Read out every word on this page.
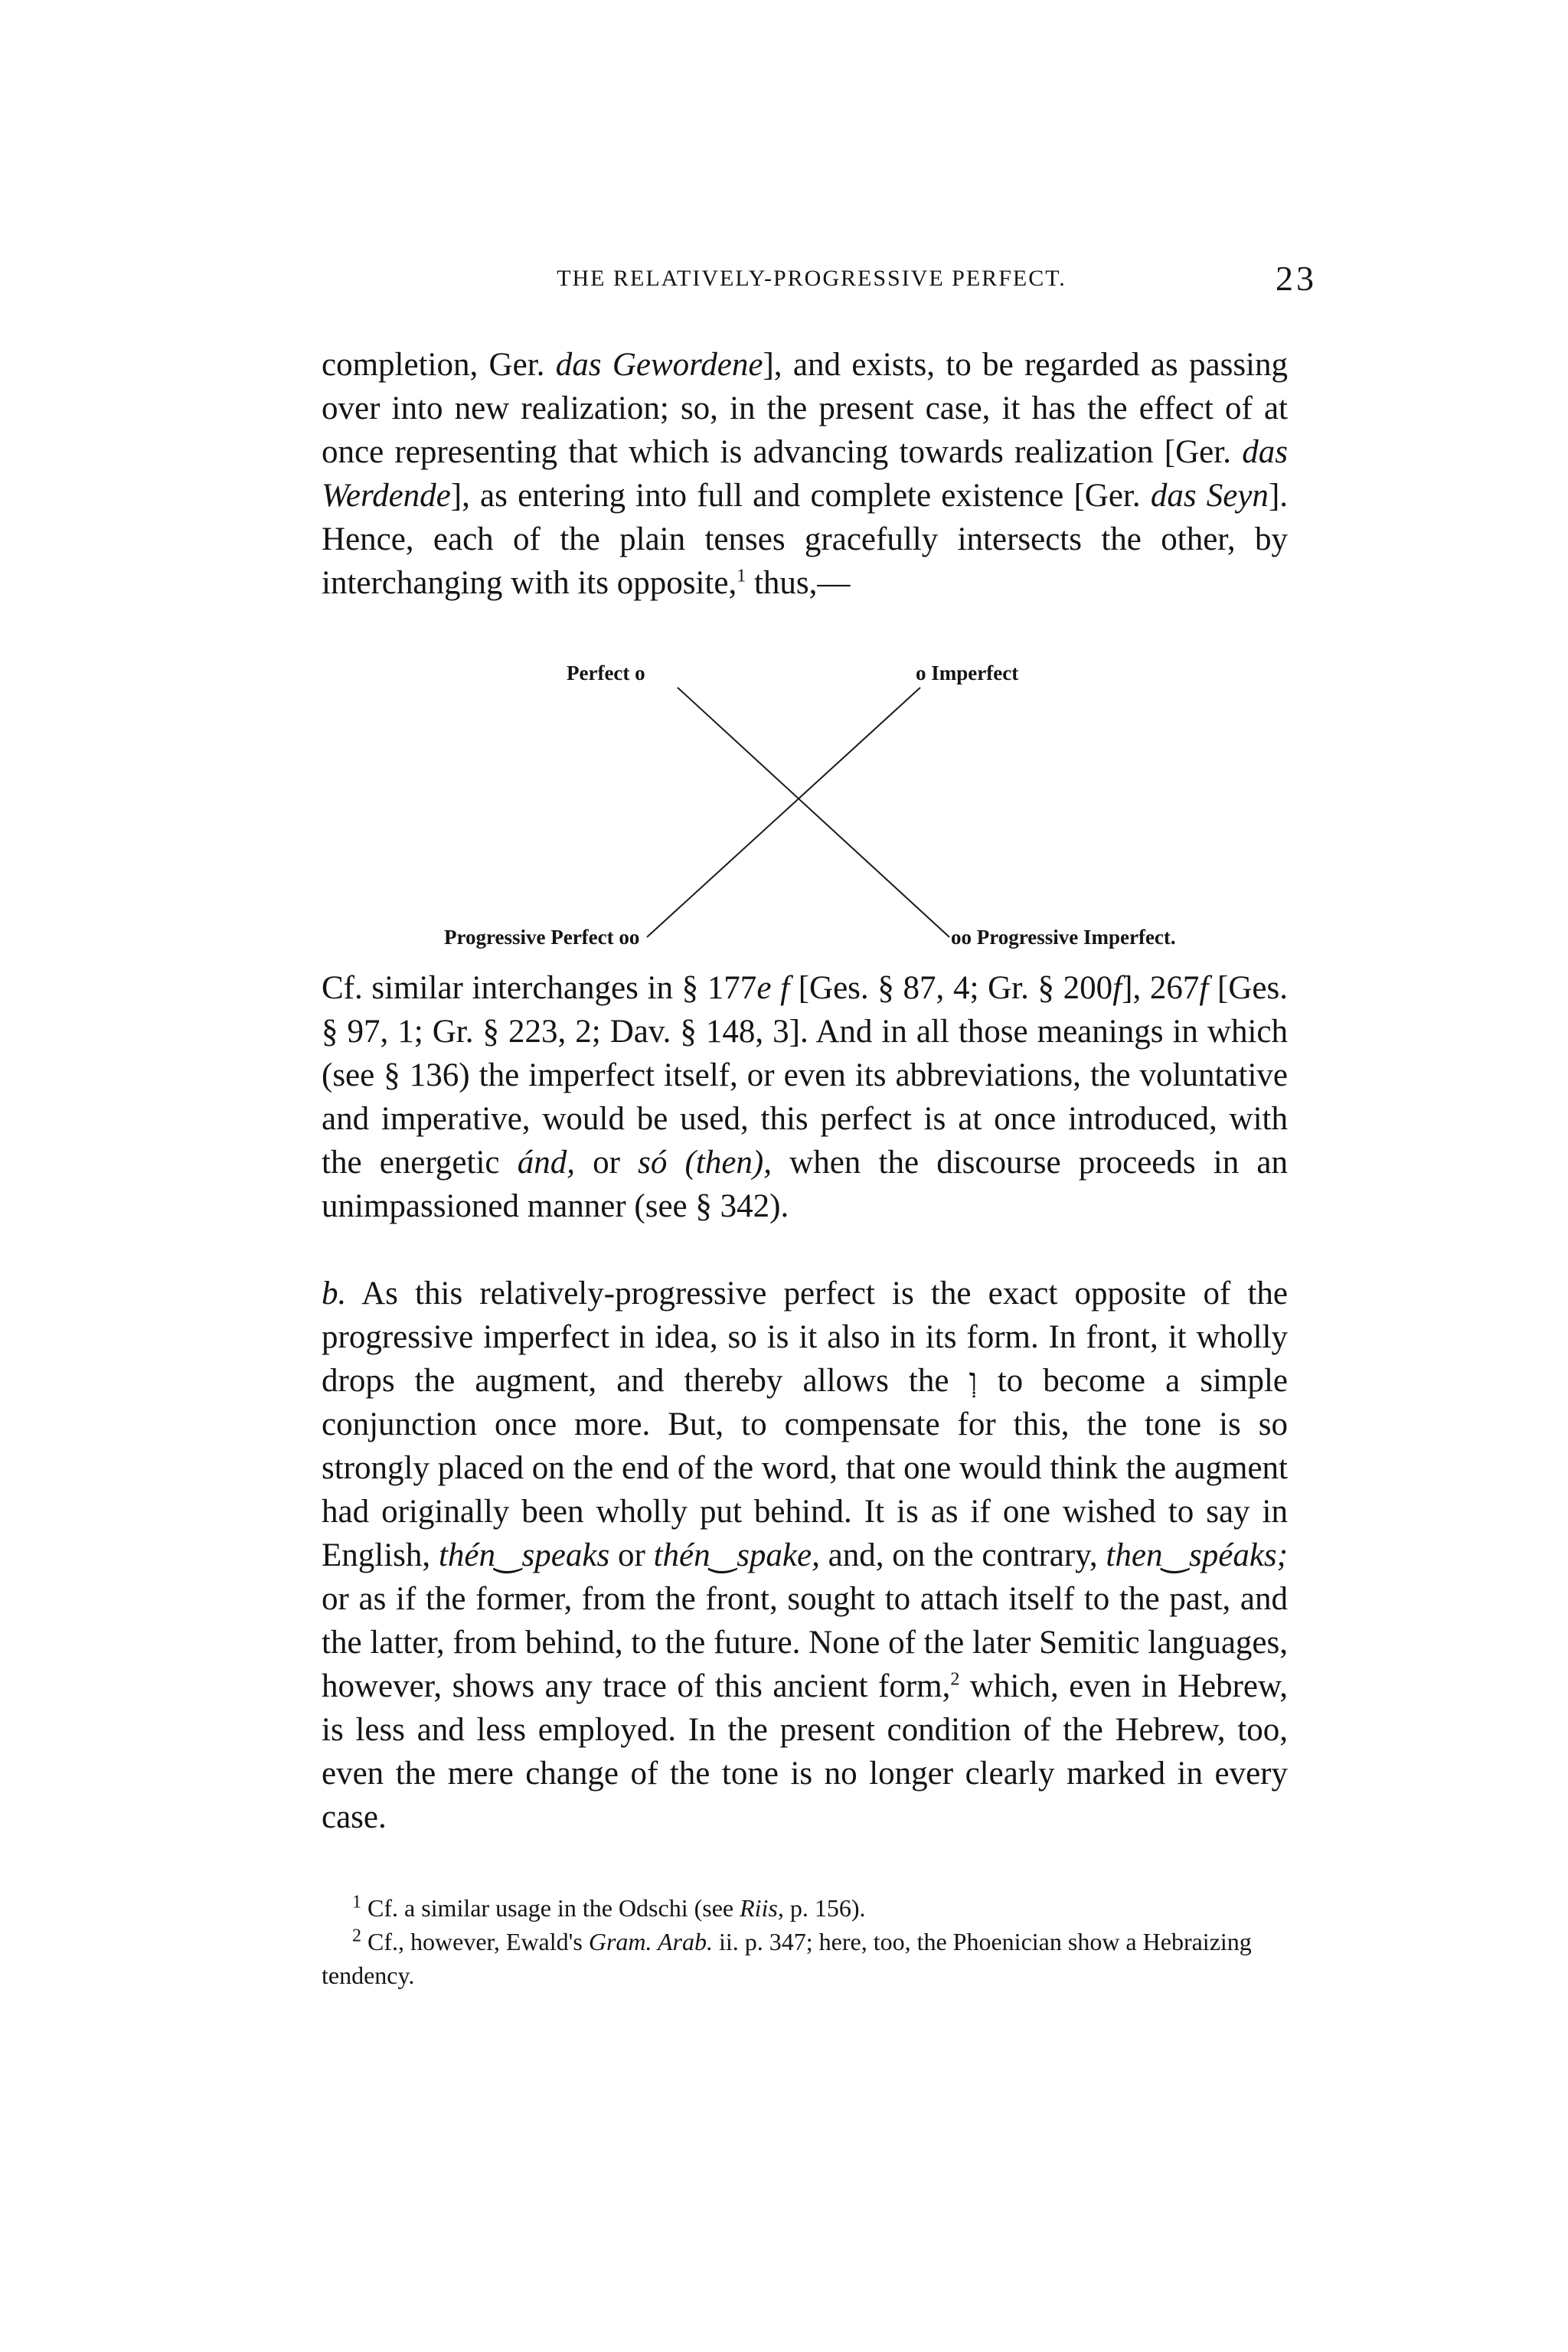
THE RELATIVELY-PROGRESSIVE PERFECT.	23

completion, Ger. das Gewordene], and exists, to be regarded as passing over into new realization; so, in the present case, it has the effect of at once representing that which is advancing towards realization [Ger. das Werdende], as entering into full and complete existence [Ger. das Seyn]. Hence, each of the plain tenses gracefully intersects the other, by interchanging with its opposite,$^1$ thus,—

Perfect o	o Imperfect
Progressive Perfect oo	oo Progressive Imperfect.

Cf. similar interchanges in § 177e f [Ges. § 87, 4; Gr. § 200f], 267f [Ges. § 97, 1; Gr. § 223, 2; Dav. § 148, 3]. And in all those meanings in which (see § 136) the imperfect itself, or even its abbreviations, the voluntative and imperative, would be used, this perfect is at once introduced, with the energetic ánd, or só (then), when the discourse proceeds in an unimpassioned manner (see § 342).

b. As this relatively-progressive perfect is the exact opposite of the progressive imperfect in idea, so is it also in its form. In front, it wholly drops the augment, and thereby allows the וְ to become a simple conjunction once more. But, to compensate for this, the tone is so strongly placed on the end of the word, that one would think the augment had originally been wholly put behind. It is as if one wished to say in English, thén‿speaks or thén‿spake, and, on the contrary, then‿spéaks; or as if the former, from the front, sought to attach itself to the past, and the latter, from behind, to the future. None of the later Semitic languages, however, shows any trace of this ancient form,$^2$ which, even in Hebrew, is less and less employed. In the present condition of the Hebrew, too, even the mere change of the tone is no longer clearly marked in every case.

$^1$ Cf. a similar usage in the Odschi (see Riis, p. 156).

$^2$ Cf., however, Ewald's Gram. Arab. ii. p. 347; here, too, the Phoenician show a Hebraizing tendency.
